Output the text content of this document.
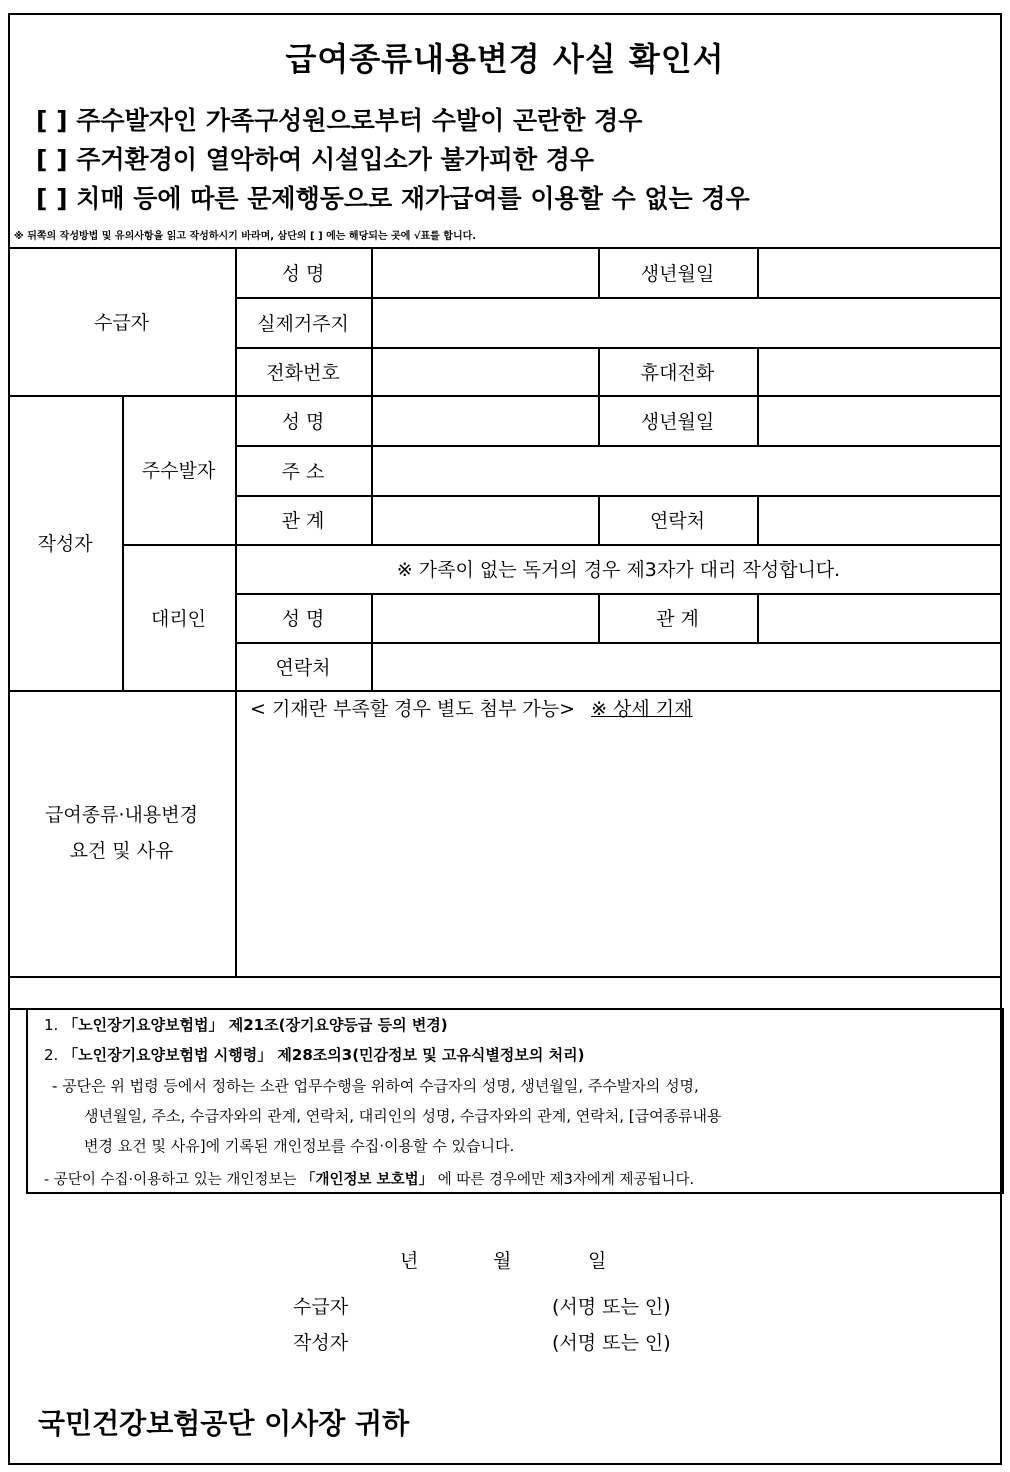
급여종류내용변경 사실 확인서
[ ] 주수발자인 가족구성원으로부터 수발이 곤란한 경우
[ ] 주거환경이 열악하여 시설입소가 불가피한 경우
[ ] 치매 등에 따른 문제행동으로 재가급여를 이용할 수 없는 경우
※ 뒤쪽의 작성방법 및 유의사항을 읽고 작성하시기 바라며, 삼단의 [ ] 에는 해당되는 곳에 √표를 합니다.
수급자
성 명	생년월일
실제거주지
전화번호	휴대전화
작성자
주수발자
성 명	생년월일
주 소
관 계	연락처
대리인
※ 가족이 없는 독거의 경우 제3자가 대리 작성합니다.
성 명	관 계
연락처
급여종류·내용변경
요건 및 사유
< 기재란 부족할 경우 별도 첨부 가능> ※ 상세 기재
1. 「노인장기요양보험법」 제21조(장기요양등급 등의 변경)
2. 「노인장기요양보험법 시행령」 제28조의3(민감정보 및 고유식별정보의 처리)
- 공단은 위 법령 등에서 정하는 소관 업무수행을 위하여 수급자의 성명, 생년월일, 주수발자의 성명,
생년월일, 주소, 수급자와의 관계, 연락처, 대리인의 성명, 수급자와의 관계, 연락처, [급여종류내용
변경 요건 및 사유]에 기록된 개인정보를 수집·이용할 수 있습니다.
- 공단이 수집·이용하고 있는 개인정보는 「개인정보 보호법」 에 따른 경우에만 제3자에게 제공됩니다.
년	월	일
수급자	(서명 또는 인)
작성자	(서명 또는 인)
국민건강보험공단 이사장 귀하
